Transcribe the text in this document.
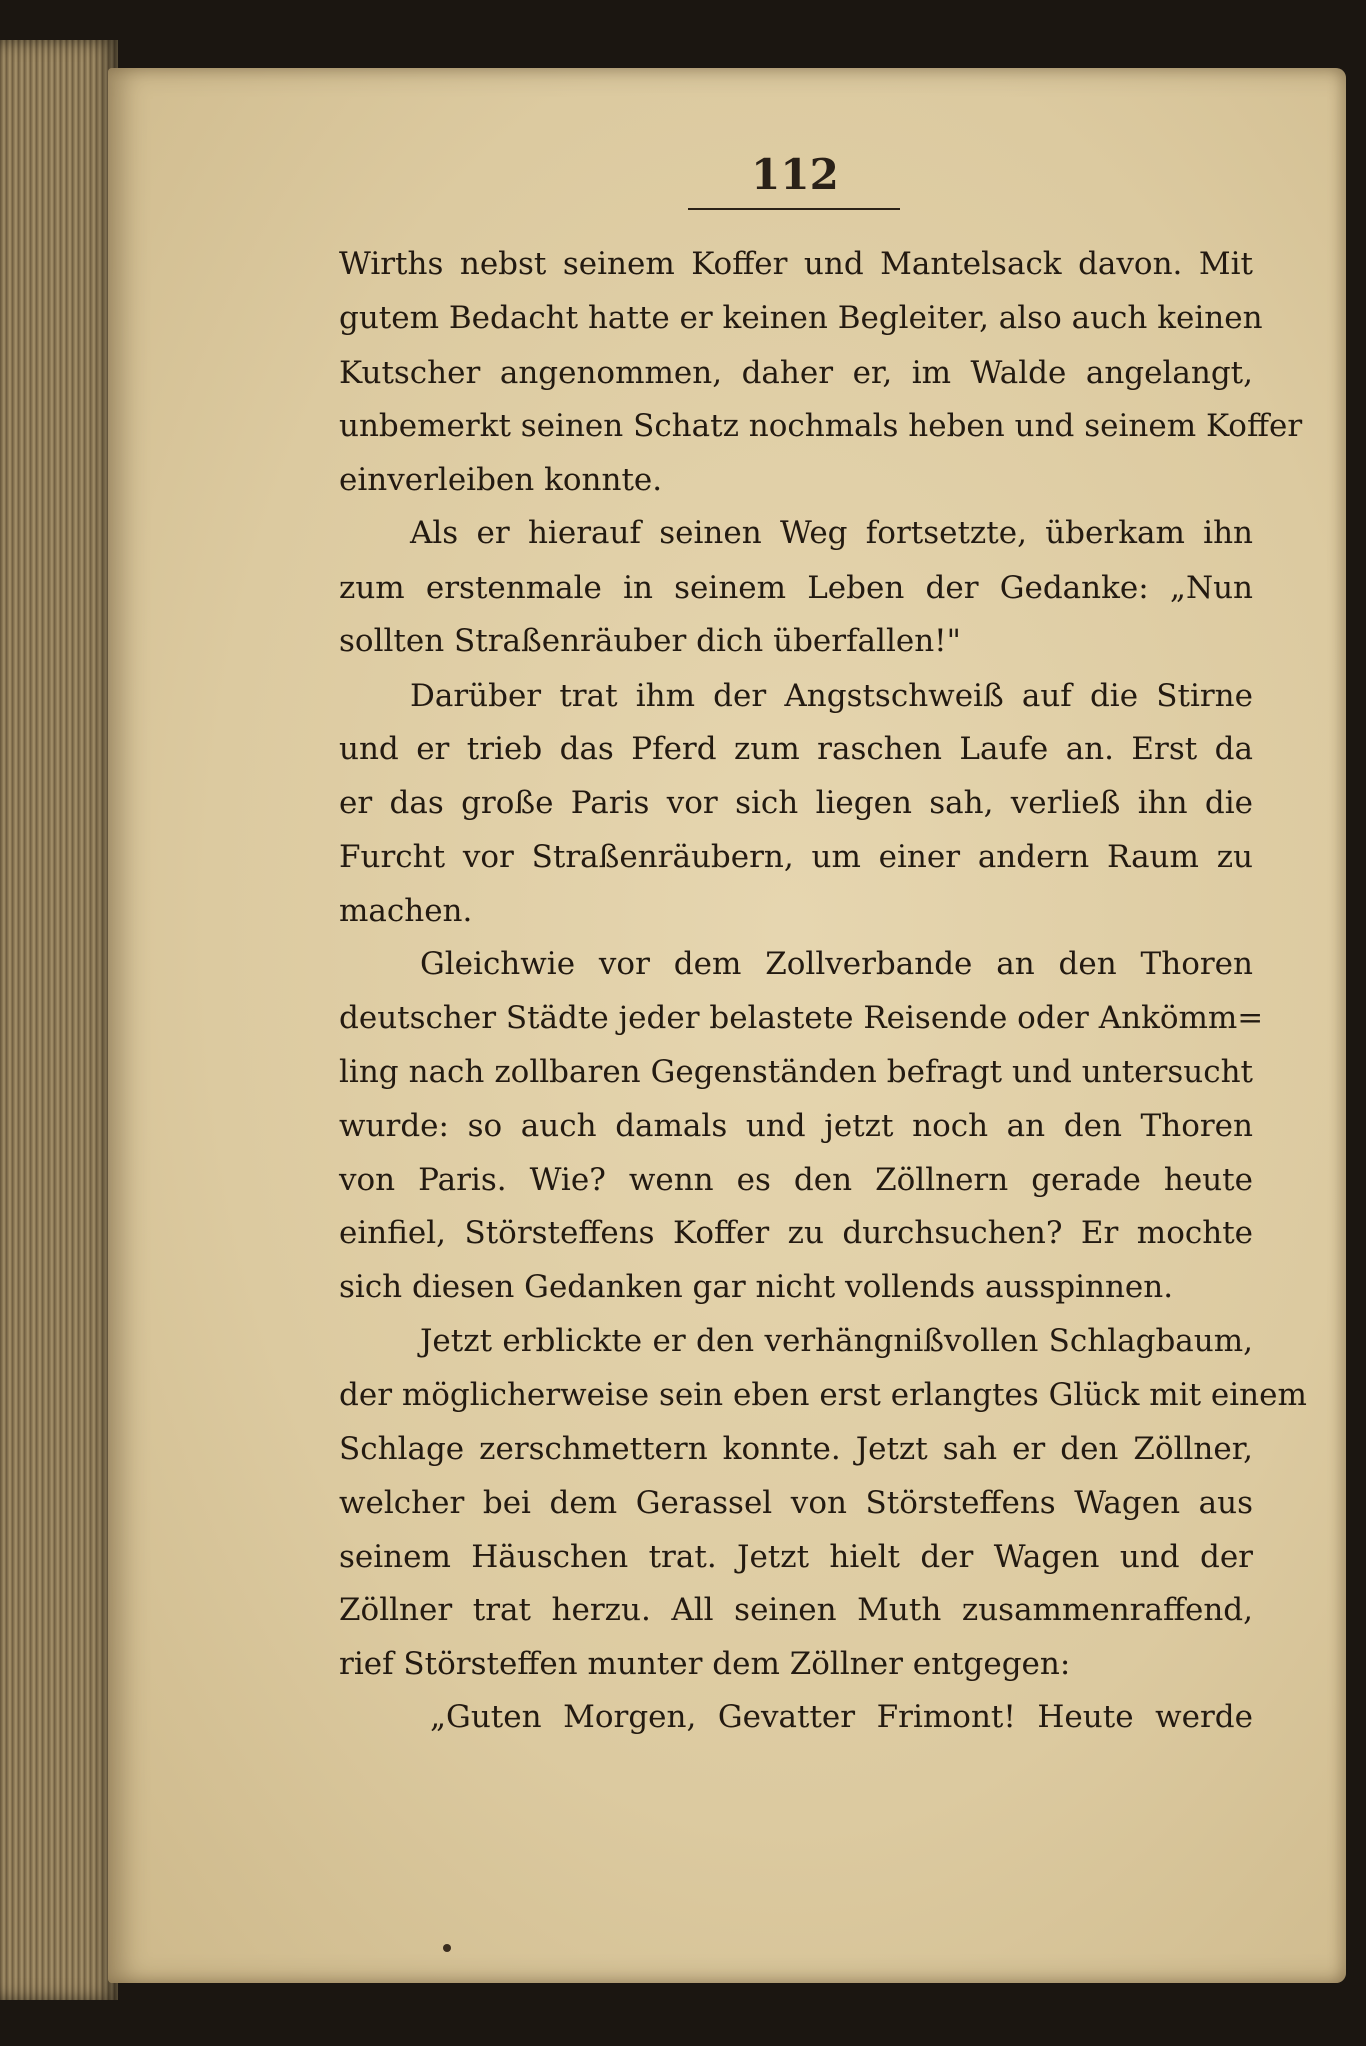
112
Wirths nebst seinem Koffer und Mantelsack davon. Mit
gutem Bedacht hatte er keinen Begleiter, also auch keinen
Kutscher angenommen, daher er, im Walde angelangt,
unbemerkt seinen Schatz nochmals heben und seinem Koffer
einverleiben konnte.
Als er hierauf seinen Weg fortsetzte, überkam ihn
zum erstenmale in seinem Leben der Gedanke: „Nun
sollten Straßenräuber dich überfallen!"
Darüber trat ihm der Angstschweiß auf die Stirne
und er trieb das Pferd zum raschen Laufe an. Erst da
er das große Paris vor sich liegen sah, verließ ihn die
Furcht vor Straßenräubern, um einer andern Raum zu
machen.
Gleichwie vor dem Zollverbande an den Thoren
deutscher Städte jeder belastete Reisende oder Ankömm=
ling nach zollbaren Gegenständen befragt und untersucht
wurde: so auch damals und jetzt noch an den Thoren
von Paris. Wie? wenn es den Zöllnern gerade heute
einfiel, Störsteffens Koffer zu durchsuchen? Er mochte
sich diesen Gedanken gar nicht vollends ausspinnen.
Jetzt erblickte er den verhängnißvollen Schlagbaum,
der möglicherweise sein eben erst erlangtes Glück mit einem
Schlage zerschmettern konnte. Jetzt sah er den Zöllner,
welcher bei dem Gerassel von Störsteffens Wagen aus
seinem Häuschen trat. Jetzt hielt der Wagen und der
Zöllner trat herzu. All seinen Muth zusammenraffend,
rief Störsteffen munter dem Zöllner entgegen:
„Guten Morgen, Gevatter Frimont! Heute werde
